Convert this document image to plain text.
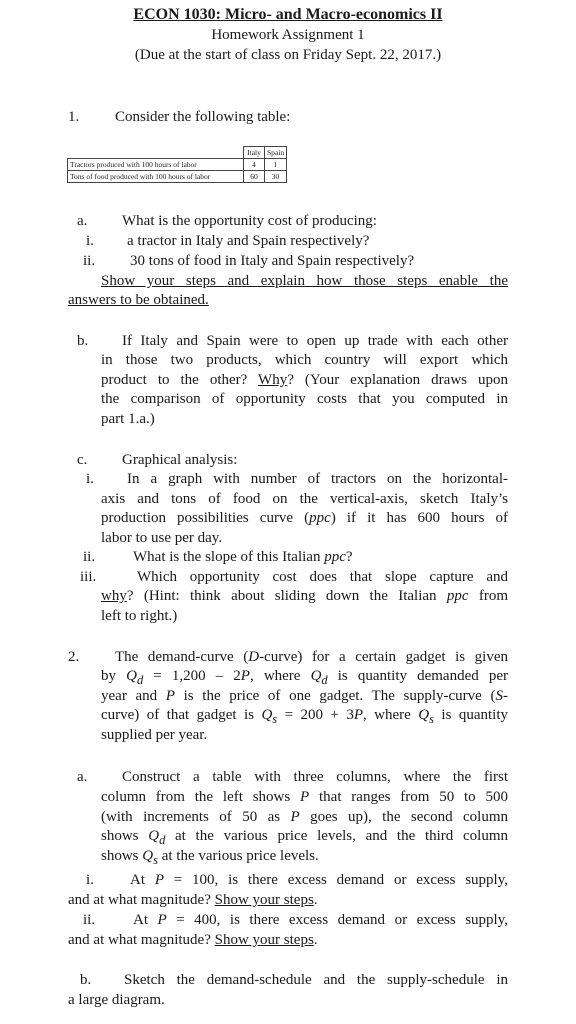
ECON 1030: Micro- and Macro-economics II
Homework Assignment 1
(Due at the start of class on Friday Sept. 22, 2017.)
1. Consider the following table:
	Italy	Spain
Tractors produced with 100 hours of labor	4	1
Tons of food produced with 100 hours of labor	60	30
a. What is the opportunity cost of producing:
i. a tractor in Italy and Spain respectively?
ii. 30 tons of food in Italy and Spain respectively?
Show your steps and explain how those steps enable the
answers to be obtained.
b. If Italy and Spain were to open up trade with each other
in those two products, which country will export which
product to the other? Why? (Your explanation draws upon
the comparison of opportunity costs that you computed in
part 1.a.)
c. Graphical analysis:
i. In a graph with number of tractors on the horizontal-
axis and tons of food on the vertical-axis, sketch Italy’s
production possibilities curve (ppc) if it has 600 hours of
labor to use per day.
ii.	What is the slope of this Italian ppc?
iii.	Which opportunity cost does that slope capture and
why? (Hint: think about sliding down the Italian ppc from
left to right.)
2. The demand-curve (D-curve) for a certain gadget is given
by $Q_d = 1,200 - 2P$, where $Q_d$ is quantity demanded per
year and P is the price of one gadget. The supply-curve (S-
curve) of that gadget is $Q_s = 200 + 3P$, where $Q_s$ is quantity
supplied per year.
a. Construct a table with three columns, where the first
column from the left shows P that ranges from 50 to 500
(with increments of 50 as P goes up), the second column
shows $Q_d$ at the various price levels, and the third column
shows $Q_s$ at the various price levels.
i. At P = 100, is there excess demand or excess supply,
and at what magnitude? Show your steps.
ii.	At P = 400, is there excess demand or excess supply,
and at what magnitude? Show your steps.
b. Sketch the demand-schedule and the supply-schedule in
a large diagram.
